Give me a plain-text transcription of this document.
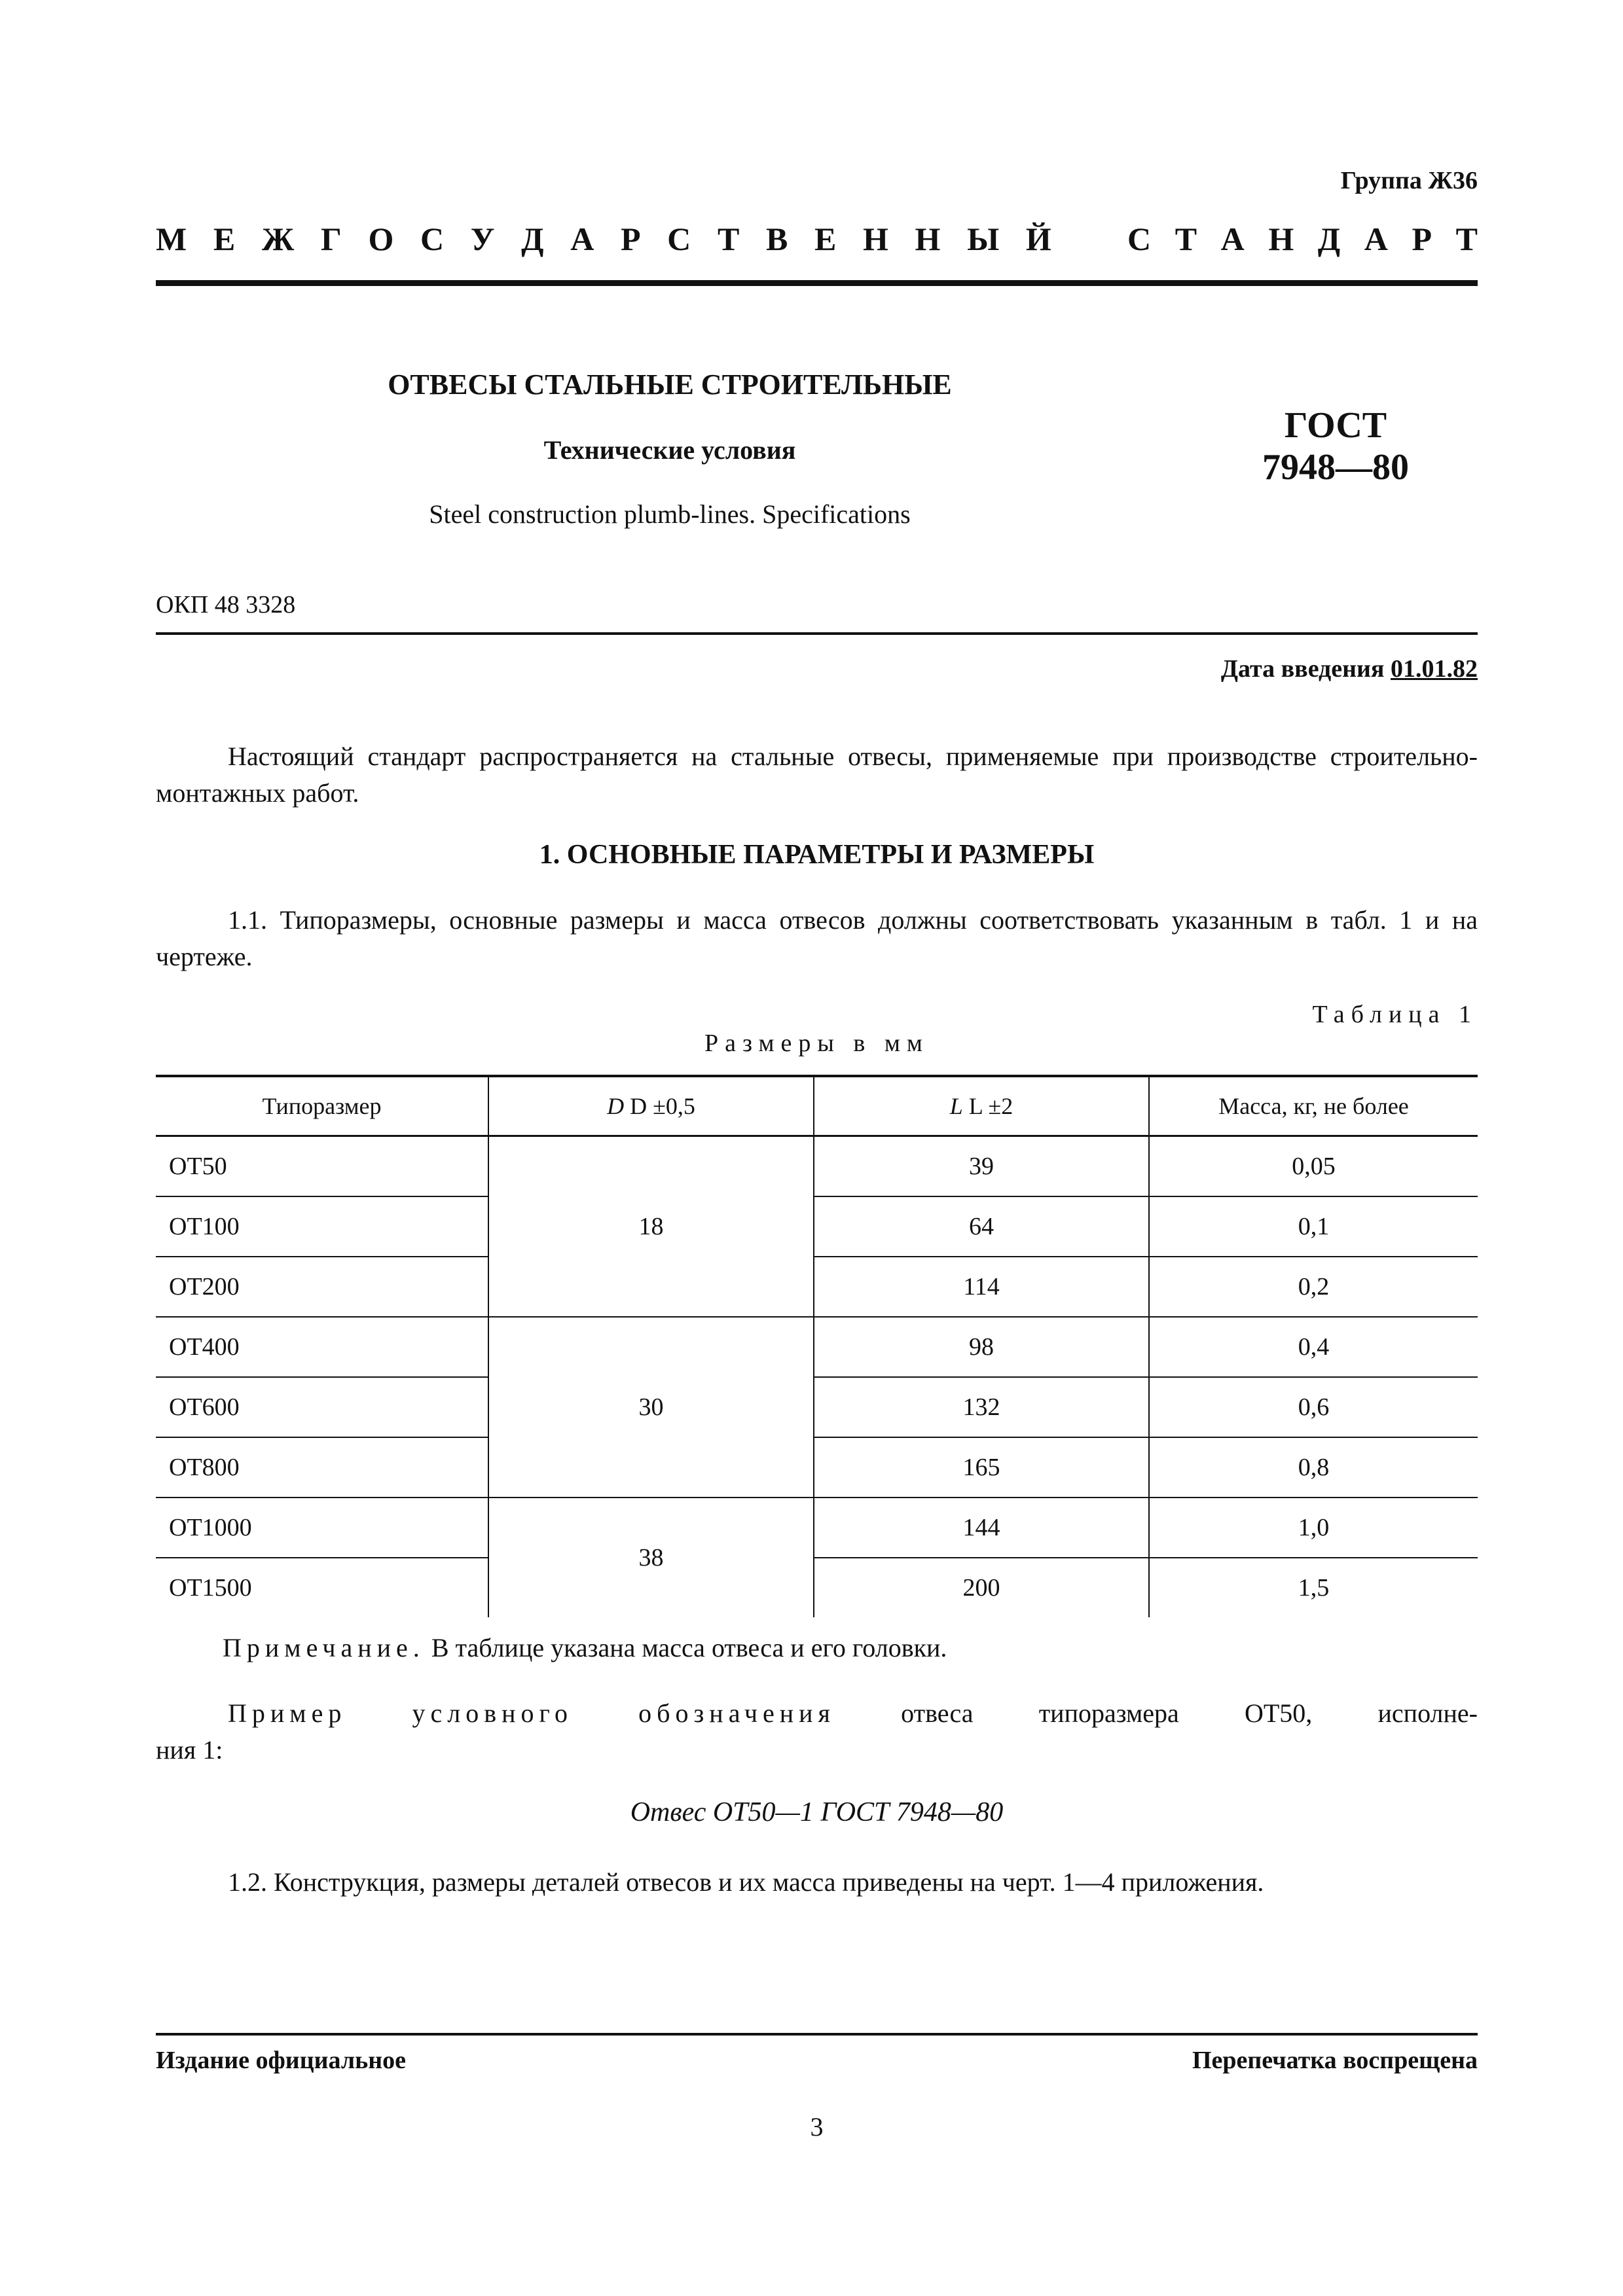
Группа Ж36
М Е Ж Г О С У Д А Р С Т В Е Н Н Ы Й С Т А Н Д А Р Т
ОТВЕСЫ СТАЛЬНЫЕ СТРОИТЕЛЬНЫЕ
Технические условия
Steel construction plumb-lines. Specifications
ГОСТ
7948—80
ОКП 48 3328
Дата введения 01.01.82
Настоящий стандарт распространяется на стальные отвесы, применяемые при производстве строительно-монтажных работ.
1. ОСНОВНЫЕ ПАРАМЕТРЫ И РАЗМЕРЫ
1.1. Типоразмеры, основные размеры и масса отвесов должны соответствовать указанным в табл. 1 и на чертеже.
Таблица 1
Размеры в мм
Типоразмер	D D ±0,5	L L ±2	Масса, кг, не более
ОТ50	18	39	0,05
ОТ100		64	0,1
ОТ200		114	0,2
ОТ400	30	98	0,4
ОТ600		132	0,6
ОТ800		165	0,8
ОТ1000	38	144	1,0
ОТ1500		200	1,5
Примечание. В таблице указана масса отвеса и его головки.
Пример	условного	обозначения	отвеса	типоразмера	ОТ50,	исполне-
ния 1:
Отвес ОТ50—1 ГОСТ 7948—80
1.2. Конструкция, размеры деталей отвесов и их масса приведены на черт. 1—4 приложения.
Издание официальное	Перепечатка воспрещена
3
